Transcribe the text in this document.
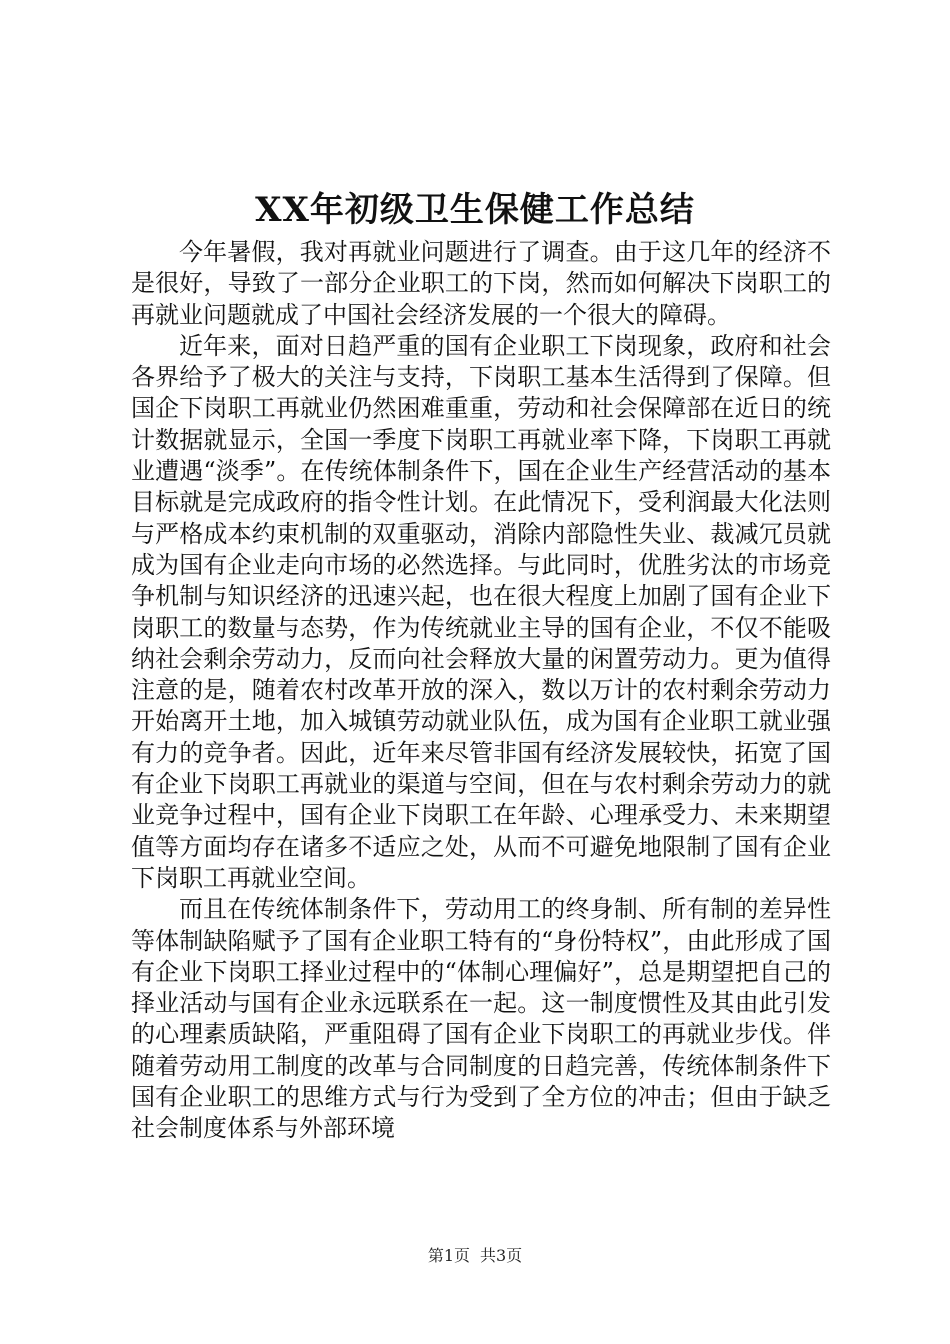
XX年初级卫生保健工作总结

今年暑假，我对再就业问题进行了调查。由于这几年的经济不是很好，导致了一部分企业职工的下岗，然而如何解决下岗职工的再就业问题就成了中国社会经济发展的一个很大的障碍。

近年来，面对日趋严重的国有企业职工下岗现象，政府和社会各界给予了极大的关注与支持，下岗职工基本生活得到了保障。但国企下岗职工再就业仍然困难重重，劳动和社会保障部在近日的统计数据就显示，全国一季度下岗职工再就业率下降，下岗职工再就业遭遇“淡季”。在传统体制条件下，国在企业生产经营活动的基本目标就是完成政府的指令性计划。在此情况下，受利润最大化法则与严格成本约束机制的双重驱动，消除内部隐性失业、裁减冗员就成为国有企业走向市场的必然选择。与此同时，优胜劣汰的市场竞争机制与知识经济的迅速兴起，也在很大程度上加剧了国有企业下岗职工的数量与态势，作为传统就业主导的国有企业，不仅不能吸纳社会剩余劳动力，反而向社会释放大量的闲置劳动力。更为值得注意的是，随着农村改革开放的深入，数以万计的农村剩余劳动力开始离开土地，加入城镇劳动就业队伍，成为国有企业职工就业强有力的竞争者。因此，近年来尽管非国有经济发展较快，拓宽了国有企业下岗职工再就业的渠道与空间，但在与农村剩余劳动力的就业竞争过程中，国有企业下岗职工在年龄、心理承受力、未来期望值等方面均存在诸多不适应之处，从而不可避免地限制了国有企业下岗职工再就业空间。

而且在传统体制条件下，劳动用工的终身制、所有制的差异性等体制缺陷赋予了国有企业职工特有的“身份特权”，由此形成了国有企业下岗职工择业过程中的“体制心理偏好”，总是期望把自己的择业活动与国有企业永远联系在一起。这一制度惯性及其由此引发的心理素质缺陷，严重阻碍了国有企业下岗职工的再就业步伐。伴随着劳动用工制度的改革与合同制度的日趋完善，传统体制条件下国有企业职工的思维方式与行为受到了全方位的冲击；但由于缺乏社会制度体系与外部环境

第1页 共3页
